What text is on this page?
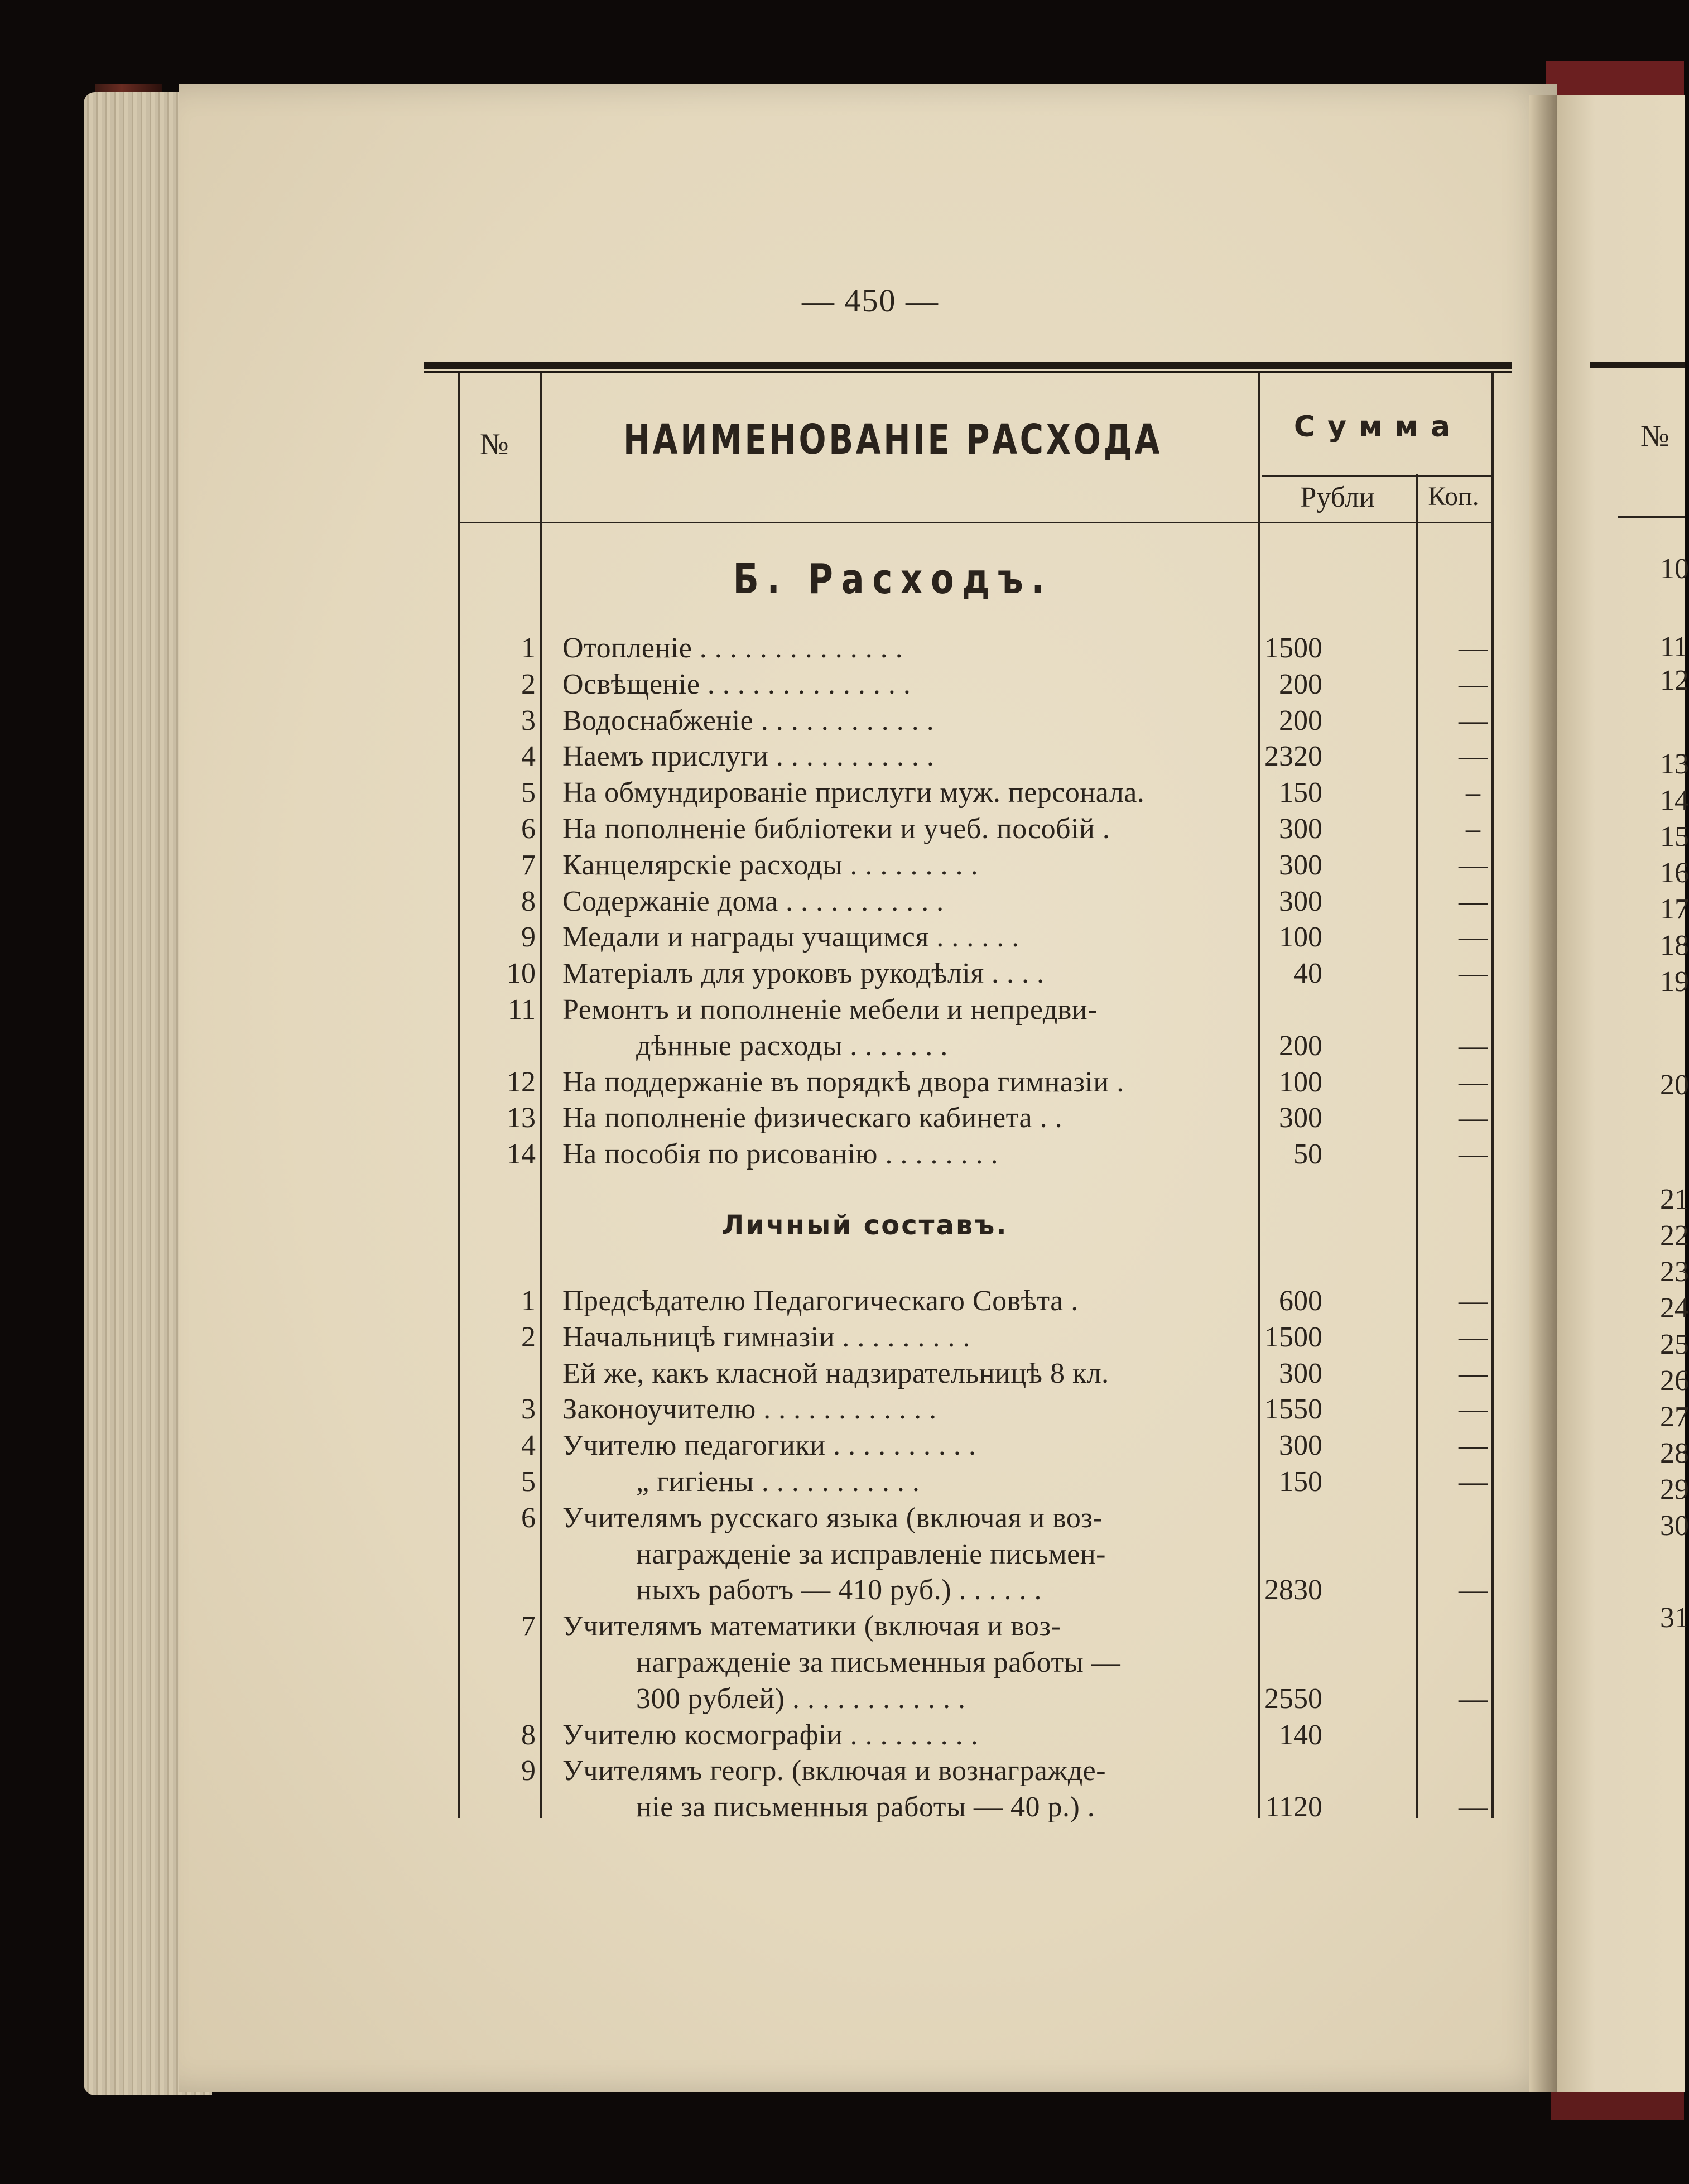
№
10
11
12
13
14
15
16
17
18
19
20
21
22
23
24
25
26
27
28
29
30
31
— 450 —
№	НАИМЕНОВАНІЕ РАСХОДА	Сумма
Рубли	Коп.
Б. Расходъ.
Личный составъ.
1 Отопленіе . . . . . . . . . . . . . .	1500	—
2 Освѣщеніе . . . . . . . . . . . . . .	200	—
3 Водоснабженіе . . . . . . . . . . . .	200	—
4 Наемъ прислуги . . . . . . . . . . .	2320	—
5 На обмундированіе прислуги муж. персонала.	150	–
6 На пополненіе библіотеки и учеб. пособій .	300	–
7 Канцелярскіе расходы . . . . . . . . .	300	—
8 Содержаніе дома . . . . . . . . . . .	300	—
9 Медали и награды учащимся . . . . . .	100	—
10 Матеріалъ для уроковъ рукодѣлія . . . .	40	—
11 Ремонтъ и пополненіе мебели и непредви-
дѣнные расходы . . . . . . .	200	—
12 На поддержаніе въ порядкѣ двора гимназіи .	100	—
13 На пополненіе физическаго кабинета . .	300	—
14 На пособія по рисованію . . . . . . . .	50	—
1 Предсѣдателю Педагогическаго Совѣта .	600	—
2 Начальницѣ гимназіи . . . . . . . . .	1500	—
Ей же, какъ класной надзирательницѣ 8 кл.	300	—
3 Законоучителю . . . . . . . . . . . .	1550	—
4 Учителю педагогики . . . . . . . . . .	300	—
5	„ гигіены . . . . . . . . . . .	150	—
6 Учителямъ русскаго языка (включая и воз-
награжденіе за исправленіе письмен-
ныхъ работъ — 410 руб.) . . . . . .	2830	—
7 Учителямъ математики (включая и воз-
награжденіе за письменныя работы —
300 рублей) . . . . . . . . . . . .	2550	—
8 Учителю космографіи . . . . . . . . .	140
9 Учителямъ геогр. (включая и вознагражде-
ніе за письменныя работы — 40 р.) .	1120	—
